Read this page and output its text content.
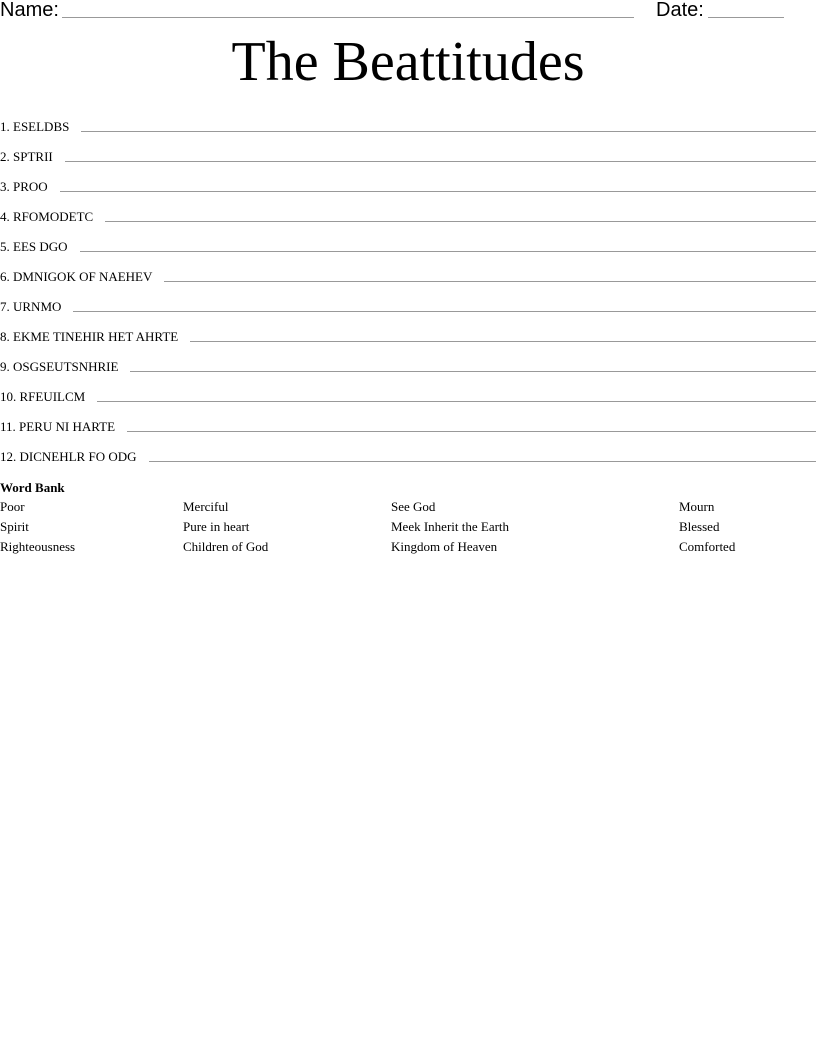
Name:	Date:
The Beattitudes
1. ESELDBS
2. SPTRII
3. PROO
4. RFOMODETC
5. EES DGO
6. DMNIGOK OF NAEHEV
7. URNMO
8. EKME TINEHIR HET AHRTE
9. OSGSEUTSNHRIE
10. RFEUILCM
11. PERU NI HARTE
12. DICNEHLR FO ODG
Word Bank
Poor
Spirit
Righteousness
Merciful
Pure in heart
Children of God
See God
Meek Inherit the Earth
Kingdom of Heaven
Mourn
Blessed
Comforted
